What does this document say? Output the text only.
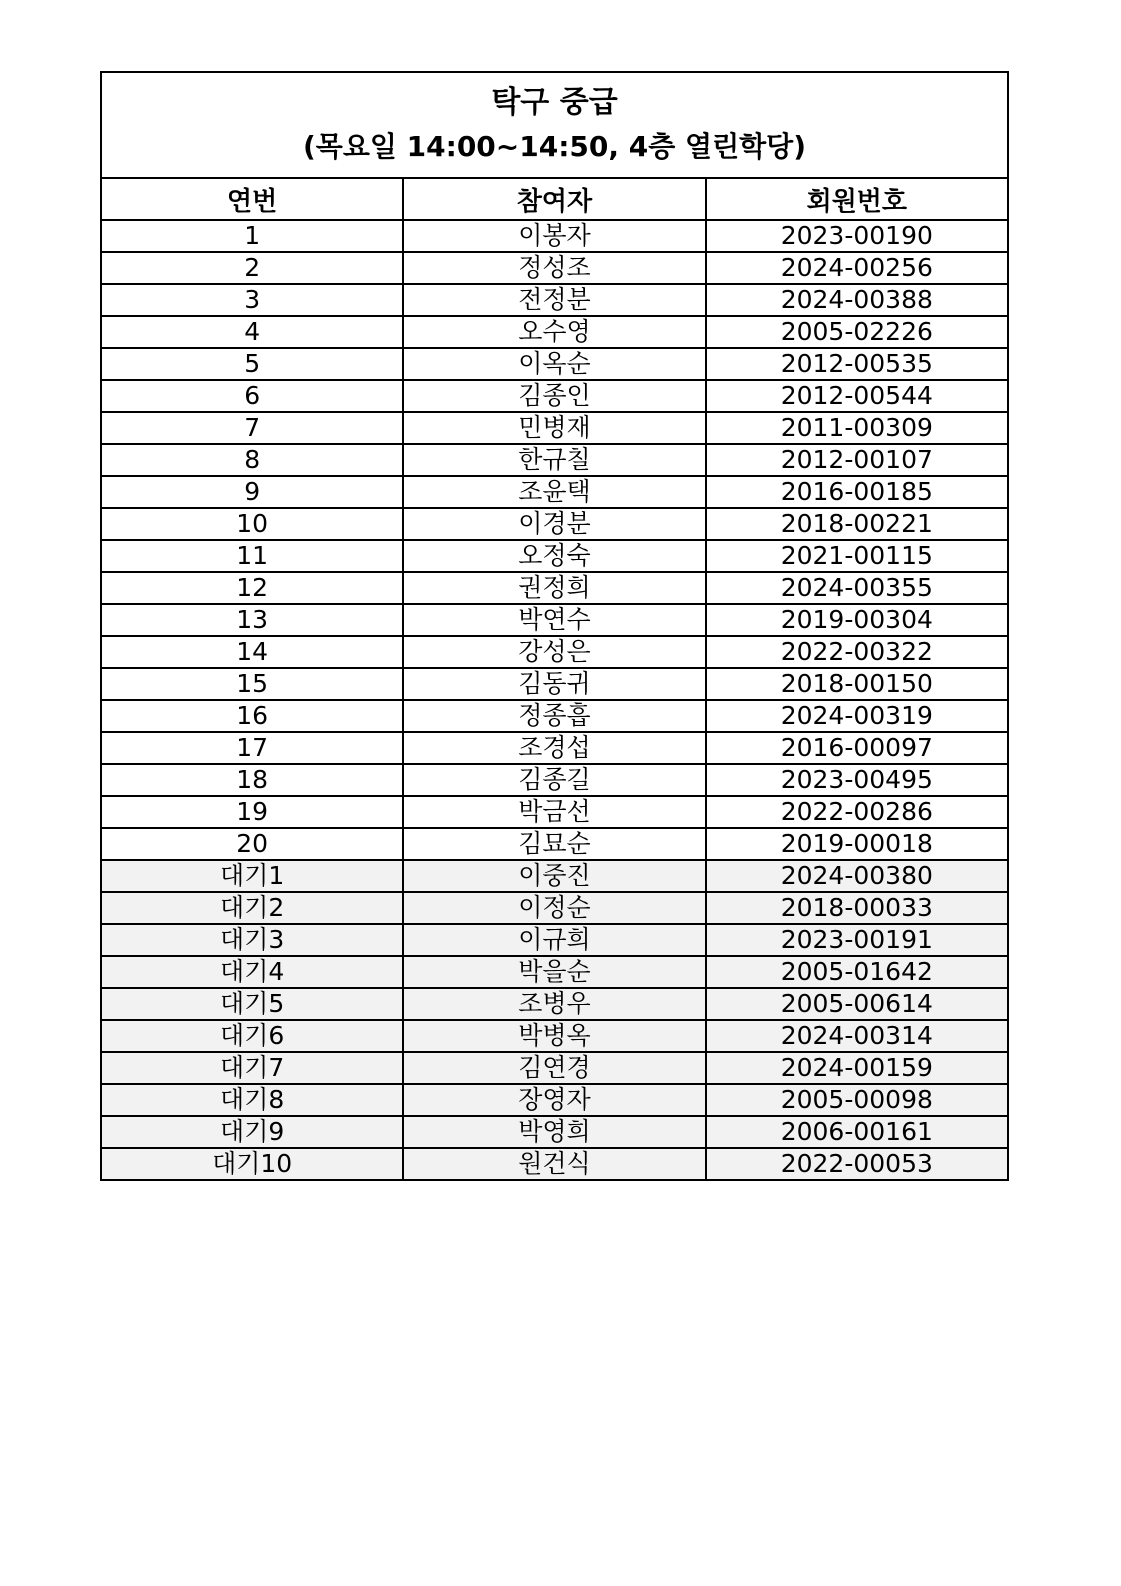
탁구 중급
(목요일 14:00~14:50, 4층 열린학당)		

연번	참여자	회원번호
1	이봉자	2023-00190
2	정성조	2024-00256
3	전정분	2024-00388
4	오수영	2005-02226
5	이옥순	2012-00535
6	김종인	2012-00544
7	민병재	2011-00309
8	한규칠	2012-00107
9	조윤택	2016-00185
10	이경분	2018-00221
11	오정숙	2021-00115
12	권정희	2024-00355
13	박연수	2019-00304
14	강성은	2022-00322
15	김동귀	2018-00150
16	정종흡	2024-00319
17	조경섭	2016-00097
18	김종길	2023-00495
19	박금선	2022-00286
20	김묘순	2019-00018
대기1	이중진	2024-00380
대기2	이정순	2018-00033
대기3	이규희	2023-00191
대기4	박을순	2005-01642
대기5	조병우	2005-00614
대기6	박병옥	2024-00314
대기7	김연경	2024-00159
대기8	장영자	2005-00098
대기9	박영희	2006-00161
대기10	원건식	2022-00053
